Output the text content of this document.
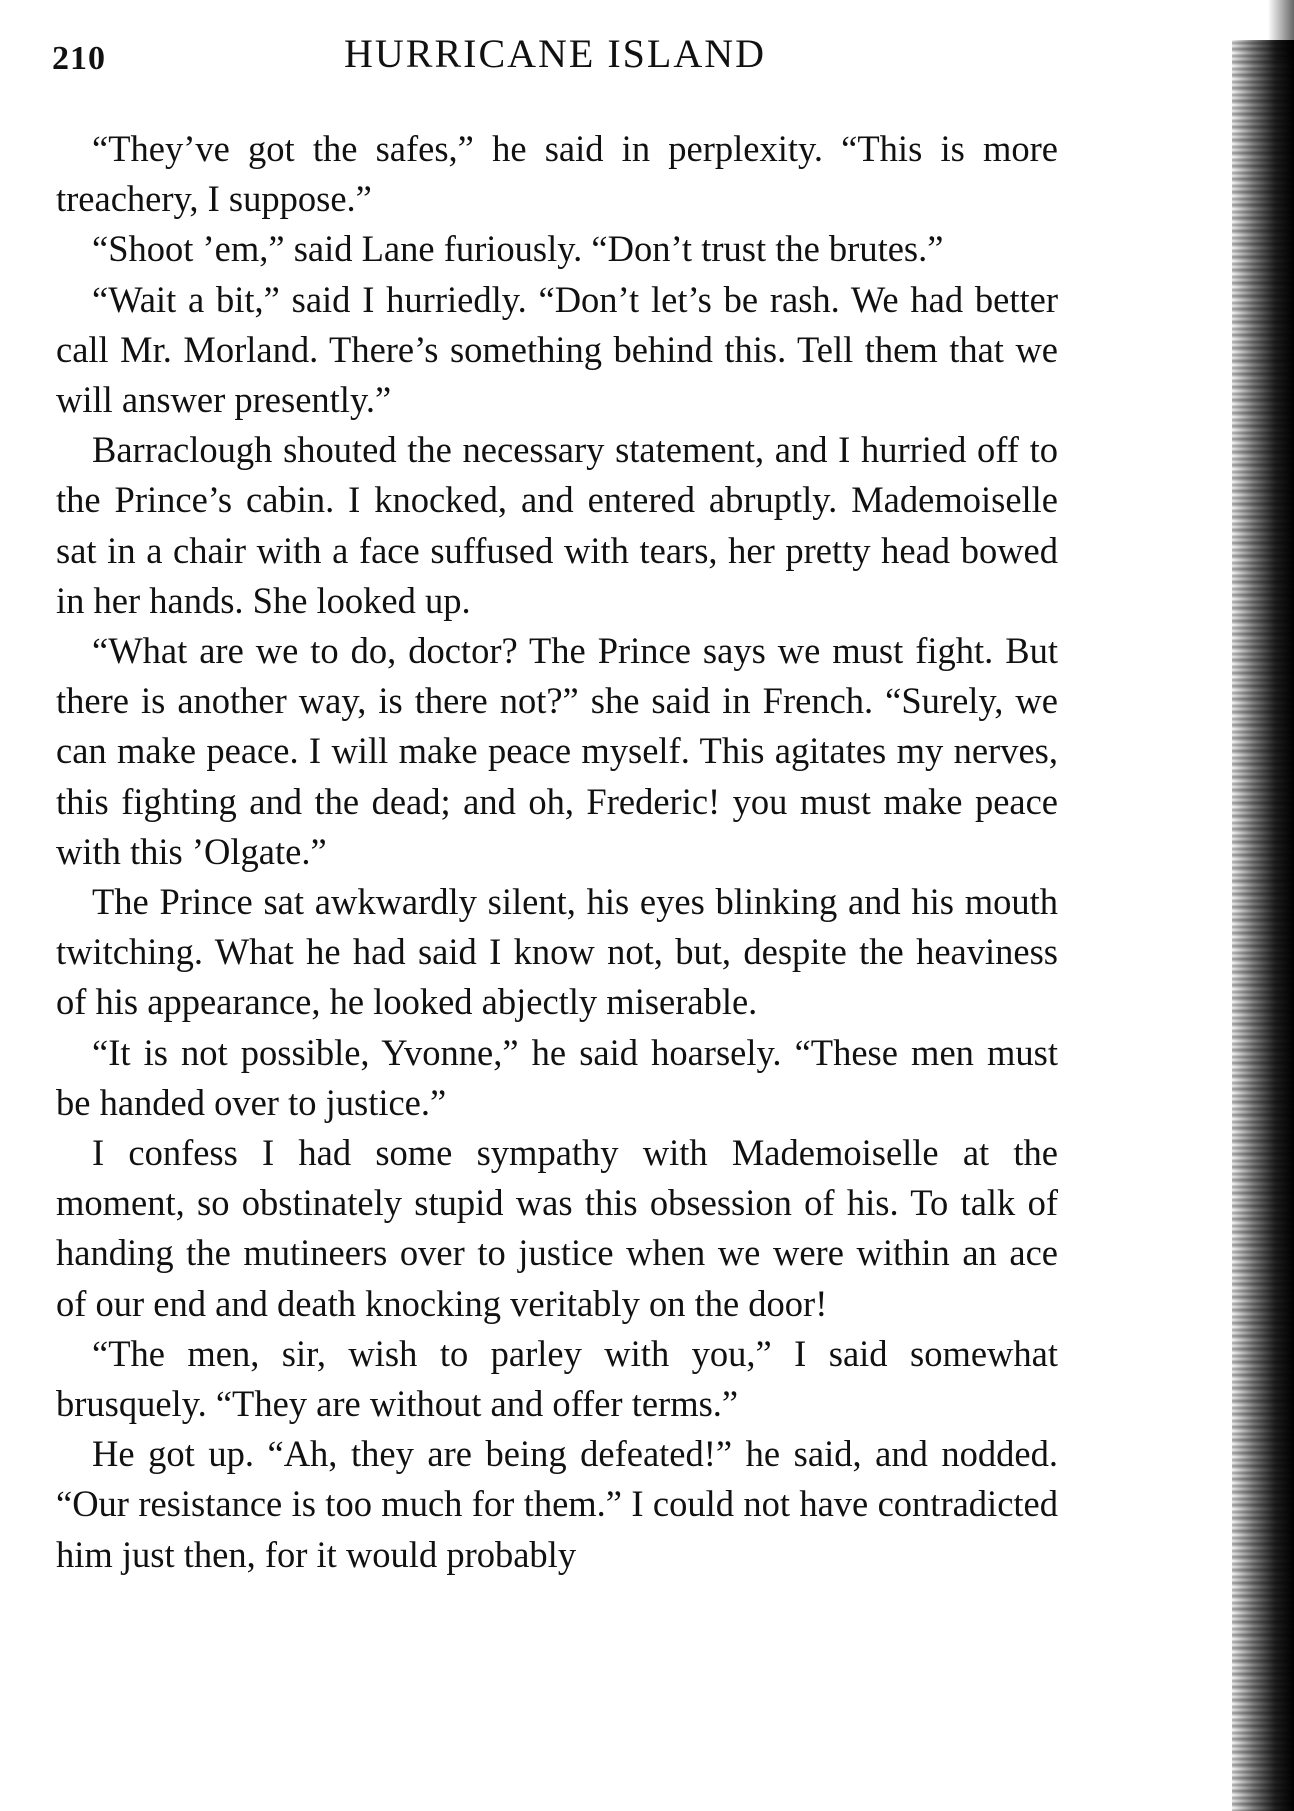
210	HURRICANE ISLAND

“They’ve got the safes,” he said in perplexity. “This is more treachery, I suppose.”

“Shoot ’em,” said Lane furiously. “Don’t trust the brutes.”

“Wait a bit,” said I hurriedly. “Don’t let’s be rash. We had better call Mr. Morland. There’s something behind this. Tell them that we will answer presently.”

Barraclough shouted the necessary statement, and I hurried off to the Prince’s cabin. I knocked, and entered abruptly. Mademoiselle sat in a chair with a face suffused with tears, her pretty head bowed in her hands. She looked up.

“What are we to do, doctor? The Prince says we must fight. But there is another way, is there not?” she said in French. “Surely, we can make peace. I will make peace myself. This agitates my nerves, this fighting and the dead; and oh, Frederic! you must make peace with this ’Olgate.”

The Prince sat awkwardly silent, his eyes blinking and his mouth twitching. What he had said I know not, but, despite the heaviness of his appearance, he looked abjectly miserable.

“It is not possible, Yvonne,” he said hoarsely. “These men must be handed over to justice.”

I confess I had some sympathy with Mademoiselle at the moment, so obstinately stupid was this obsession of his. To talk of handing the mutineers over to justice when we were within an ace of our end and death knocking veritably on the door!

“The men, sir, wish to parley with you,” I said somewhat brusquely. “They are without and offer terms.”

He got up. “Ah, they are being defeated!” he said, and nodded. “Our resistance is too much for them.” I could not have contradicted him just then, for it would probably
